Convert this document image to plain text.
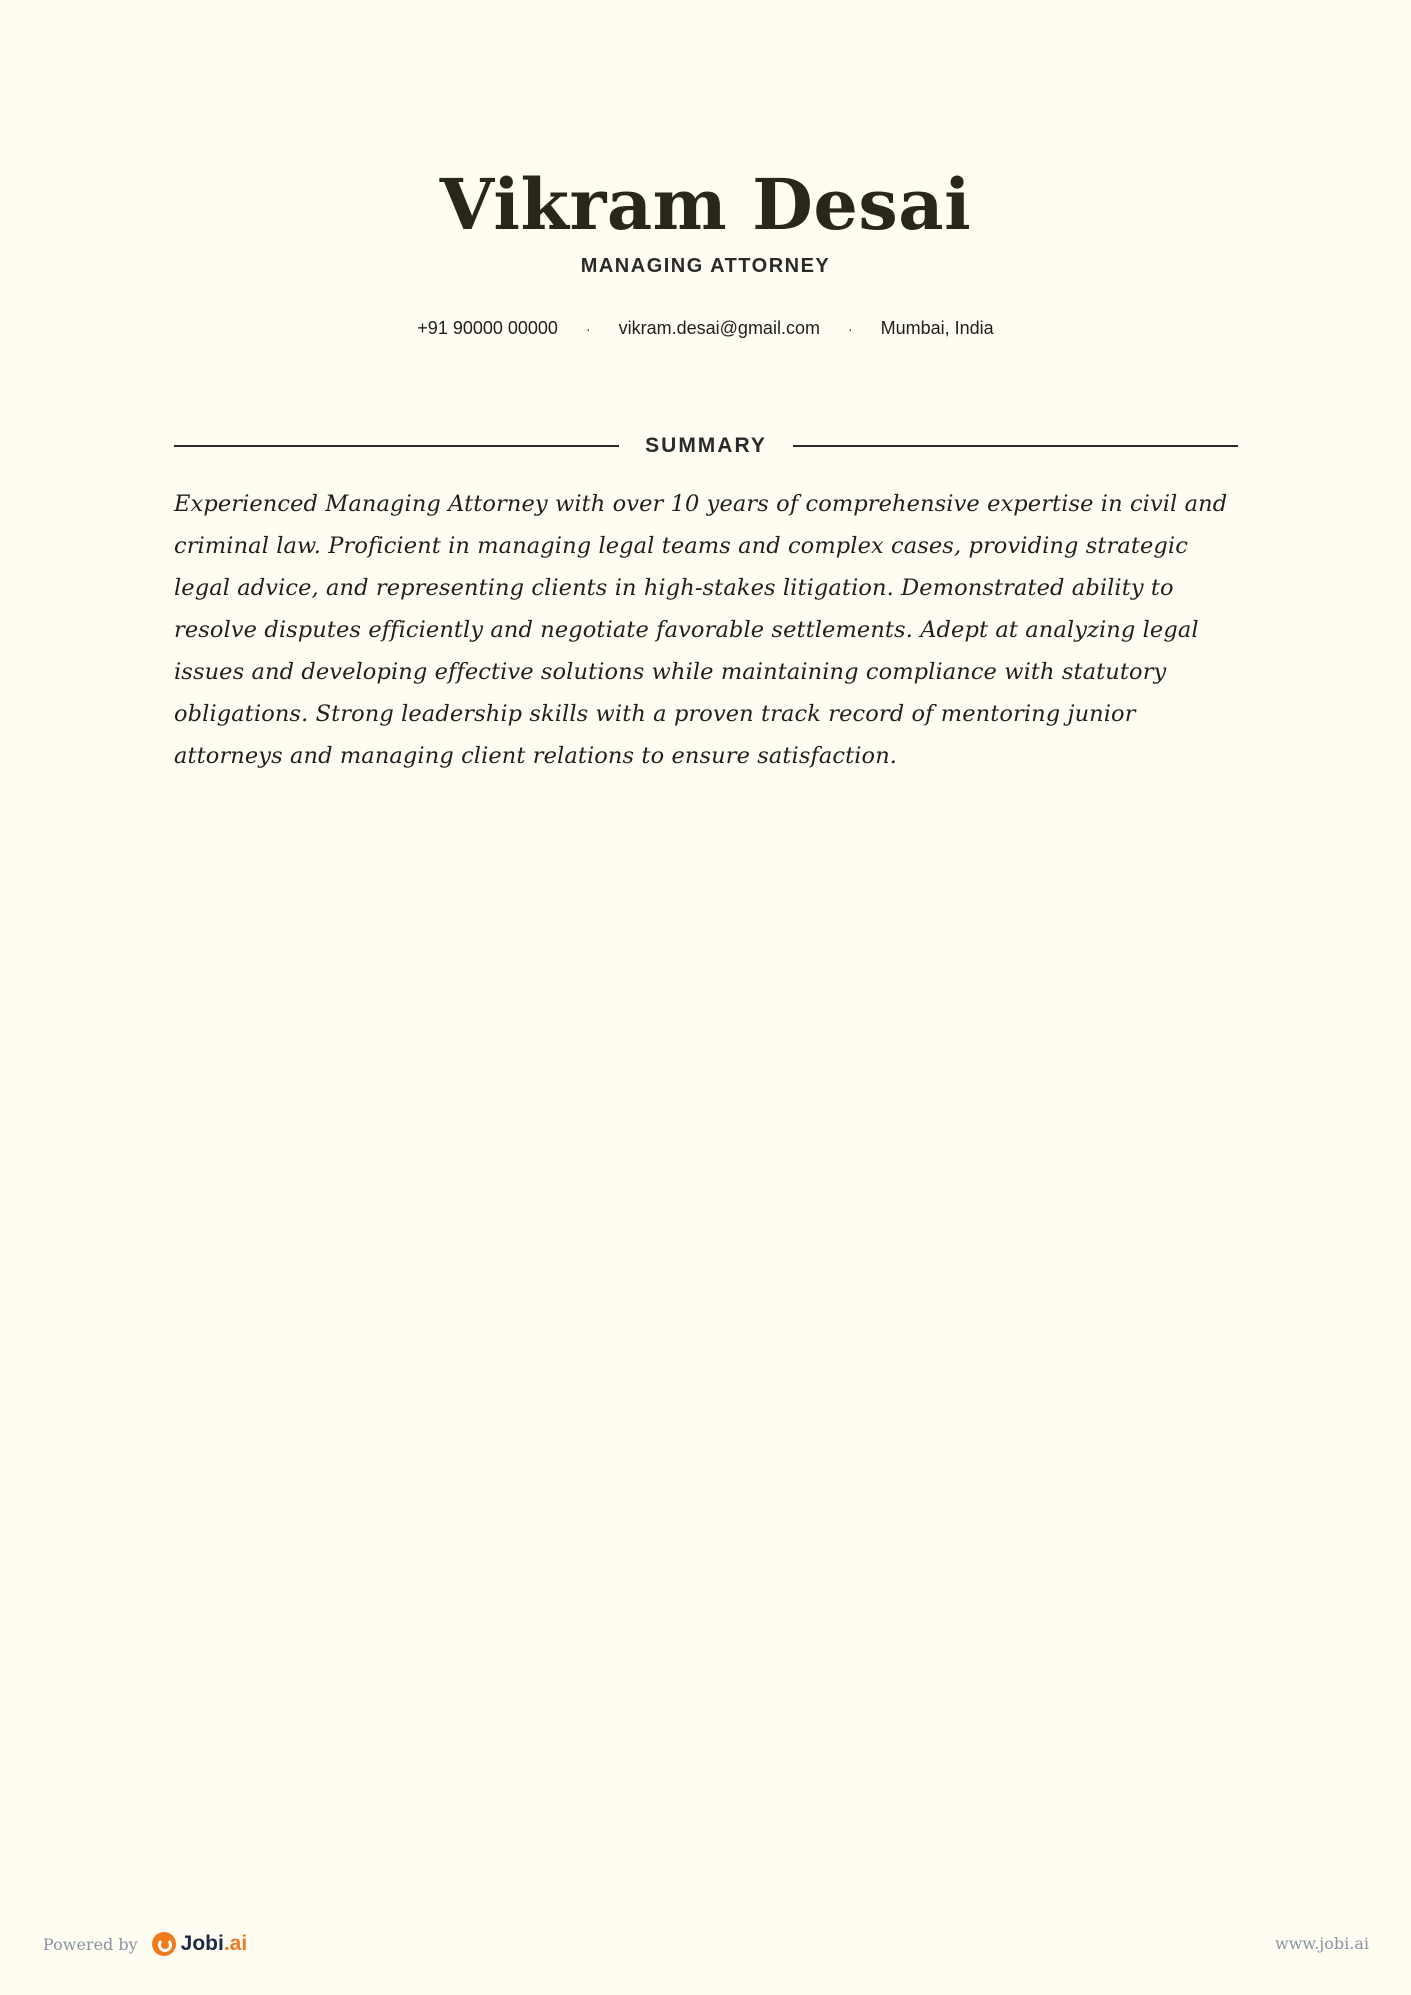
Vikram Desai
MANAGING ATTORNEY
+91 90000 00000 · vikram.desai@gmail.com · Mumbai, India
SUMMARY
Experienced Managing Attorney with over 10 years of comprehensive expertise in civil and criminal law. Proficient in managing legal teams and complex cases, providing strategic legal advice, and representing clients in high-stakes litigation. Demonstrated ability to resolve disputes efficiently and negotiate favorable settlements. Adept at analyzing legal issues and developing effective solutions while maintaining compliance with statutory obligations. Strong leadership skills with a proven track record of mentoring junior attorneys and managing client relations to ensure satisfaction.
Powered by Jobi.ai	www.jobi.ai
